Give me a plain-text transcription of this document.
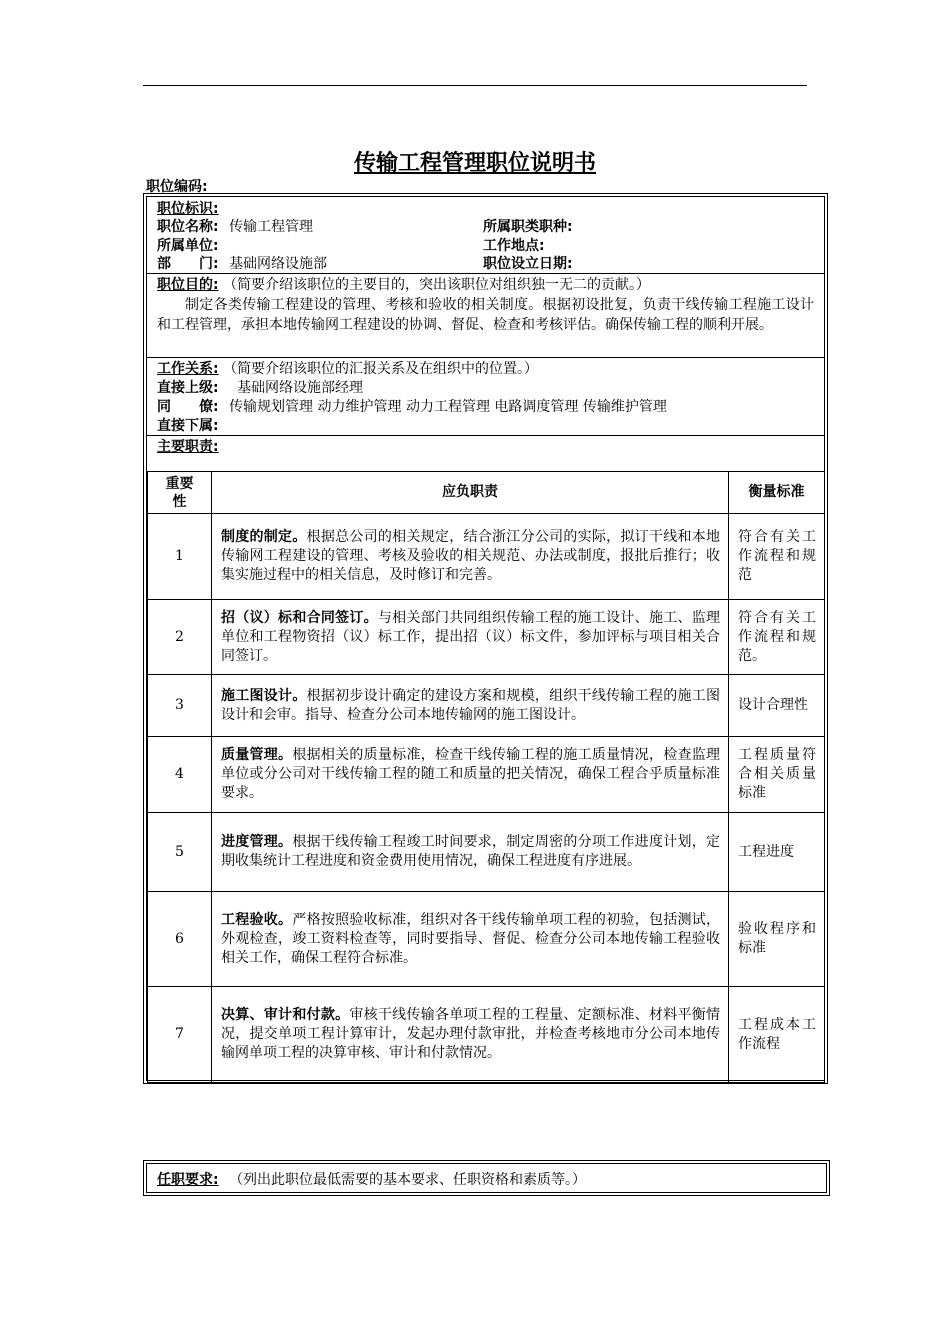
传输工程管理职位说明书
职位编码:
职位标识:
职位名称: 传输工程管理	所属职类职种:
所属单位:	工作地点:
部　　门: 基础网络设施部	职位设立日期:
职位目的: （简要介绍该职位的主要目的，突出该职位对组织独一无二的贡献。）
制定各类传输工程建设的管理、考核和验收的相关制度。根据初设批复，负责干线传输工程施工设计和工程管理，承担本地传输网工程建设的协调、督促、检查和考核评估。确保传输工程的顺利开展。
工作关系: （简要介绍该职位的汇报关系及在组织中的位置。）
直接上级: 基础网络设施部经理
同　　僚: 传输规划管理 动力维护管理 动力工程管理 电路调度管理 传输维护管理
直接下属:
主要职责:
重要性	应负职责	衡量标准
1	制度的制定。根据总公司的相关规定，结合浙江分公司的实际，拟订干线和本地传输网工程建设的管理、考核及验收的相关规范、办法或制度，报批后推行；收集实施过程中的相关信息，及时修订和完善。	符合有关工作流程和规范
2	招（议）标和合同签订。与相关部门共同组织传输工程的施工设计、施工、监理单位和工程物资招（议）标工作，提出招（议）标文件，参加评标与项目相关合同签订。	符合有关工作流程和规范。
3	施工图设计。根据初步设计确定的建设方案和规模，组织干线传输工程的施工图设计和会审。指导、检查分公司本地传输网的施工图设计。	设计合理性
4	质量管理。根据相关的质量标准，检查干线传输工程的施工质量情况，检查监理单位或分公司对干线传输工程的随工和质量的把关情况，确保工程合乎质量标准要求。	工程质量符合相关质量标准
5	进度管理。根据干线传输工程竣工时间要求，制定周密的分项工作进度计划，定期收集统计工程进度和资金费用使用情况，确保工程进度有序进展。	工程进度
6	工程验收。严格按照验收标准，组织对各干线传输单项工程的初验，包括测试，外观检查，竣工资料检查等，同时要指导、督促、检查分公司本地传输工程验收相关工作，确保工程符合标准。	验收程序和标准
7	决算、审计和付款。审核干线传输各单项工程的工程量、定额标准、材料平衡情况，提交单项工程计算审计，发起办理付款审批，并检查考核地市分公司本地传输网单项工程的决算审核、审计和付款情况。	工程成本工作流程
任职要求: （列出此职位最低需要的基本要求、任职资格和素质等。）
